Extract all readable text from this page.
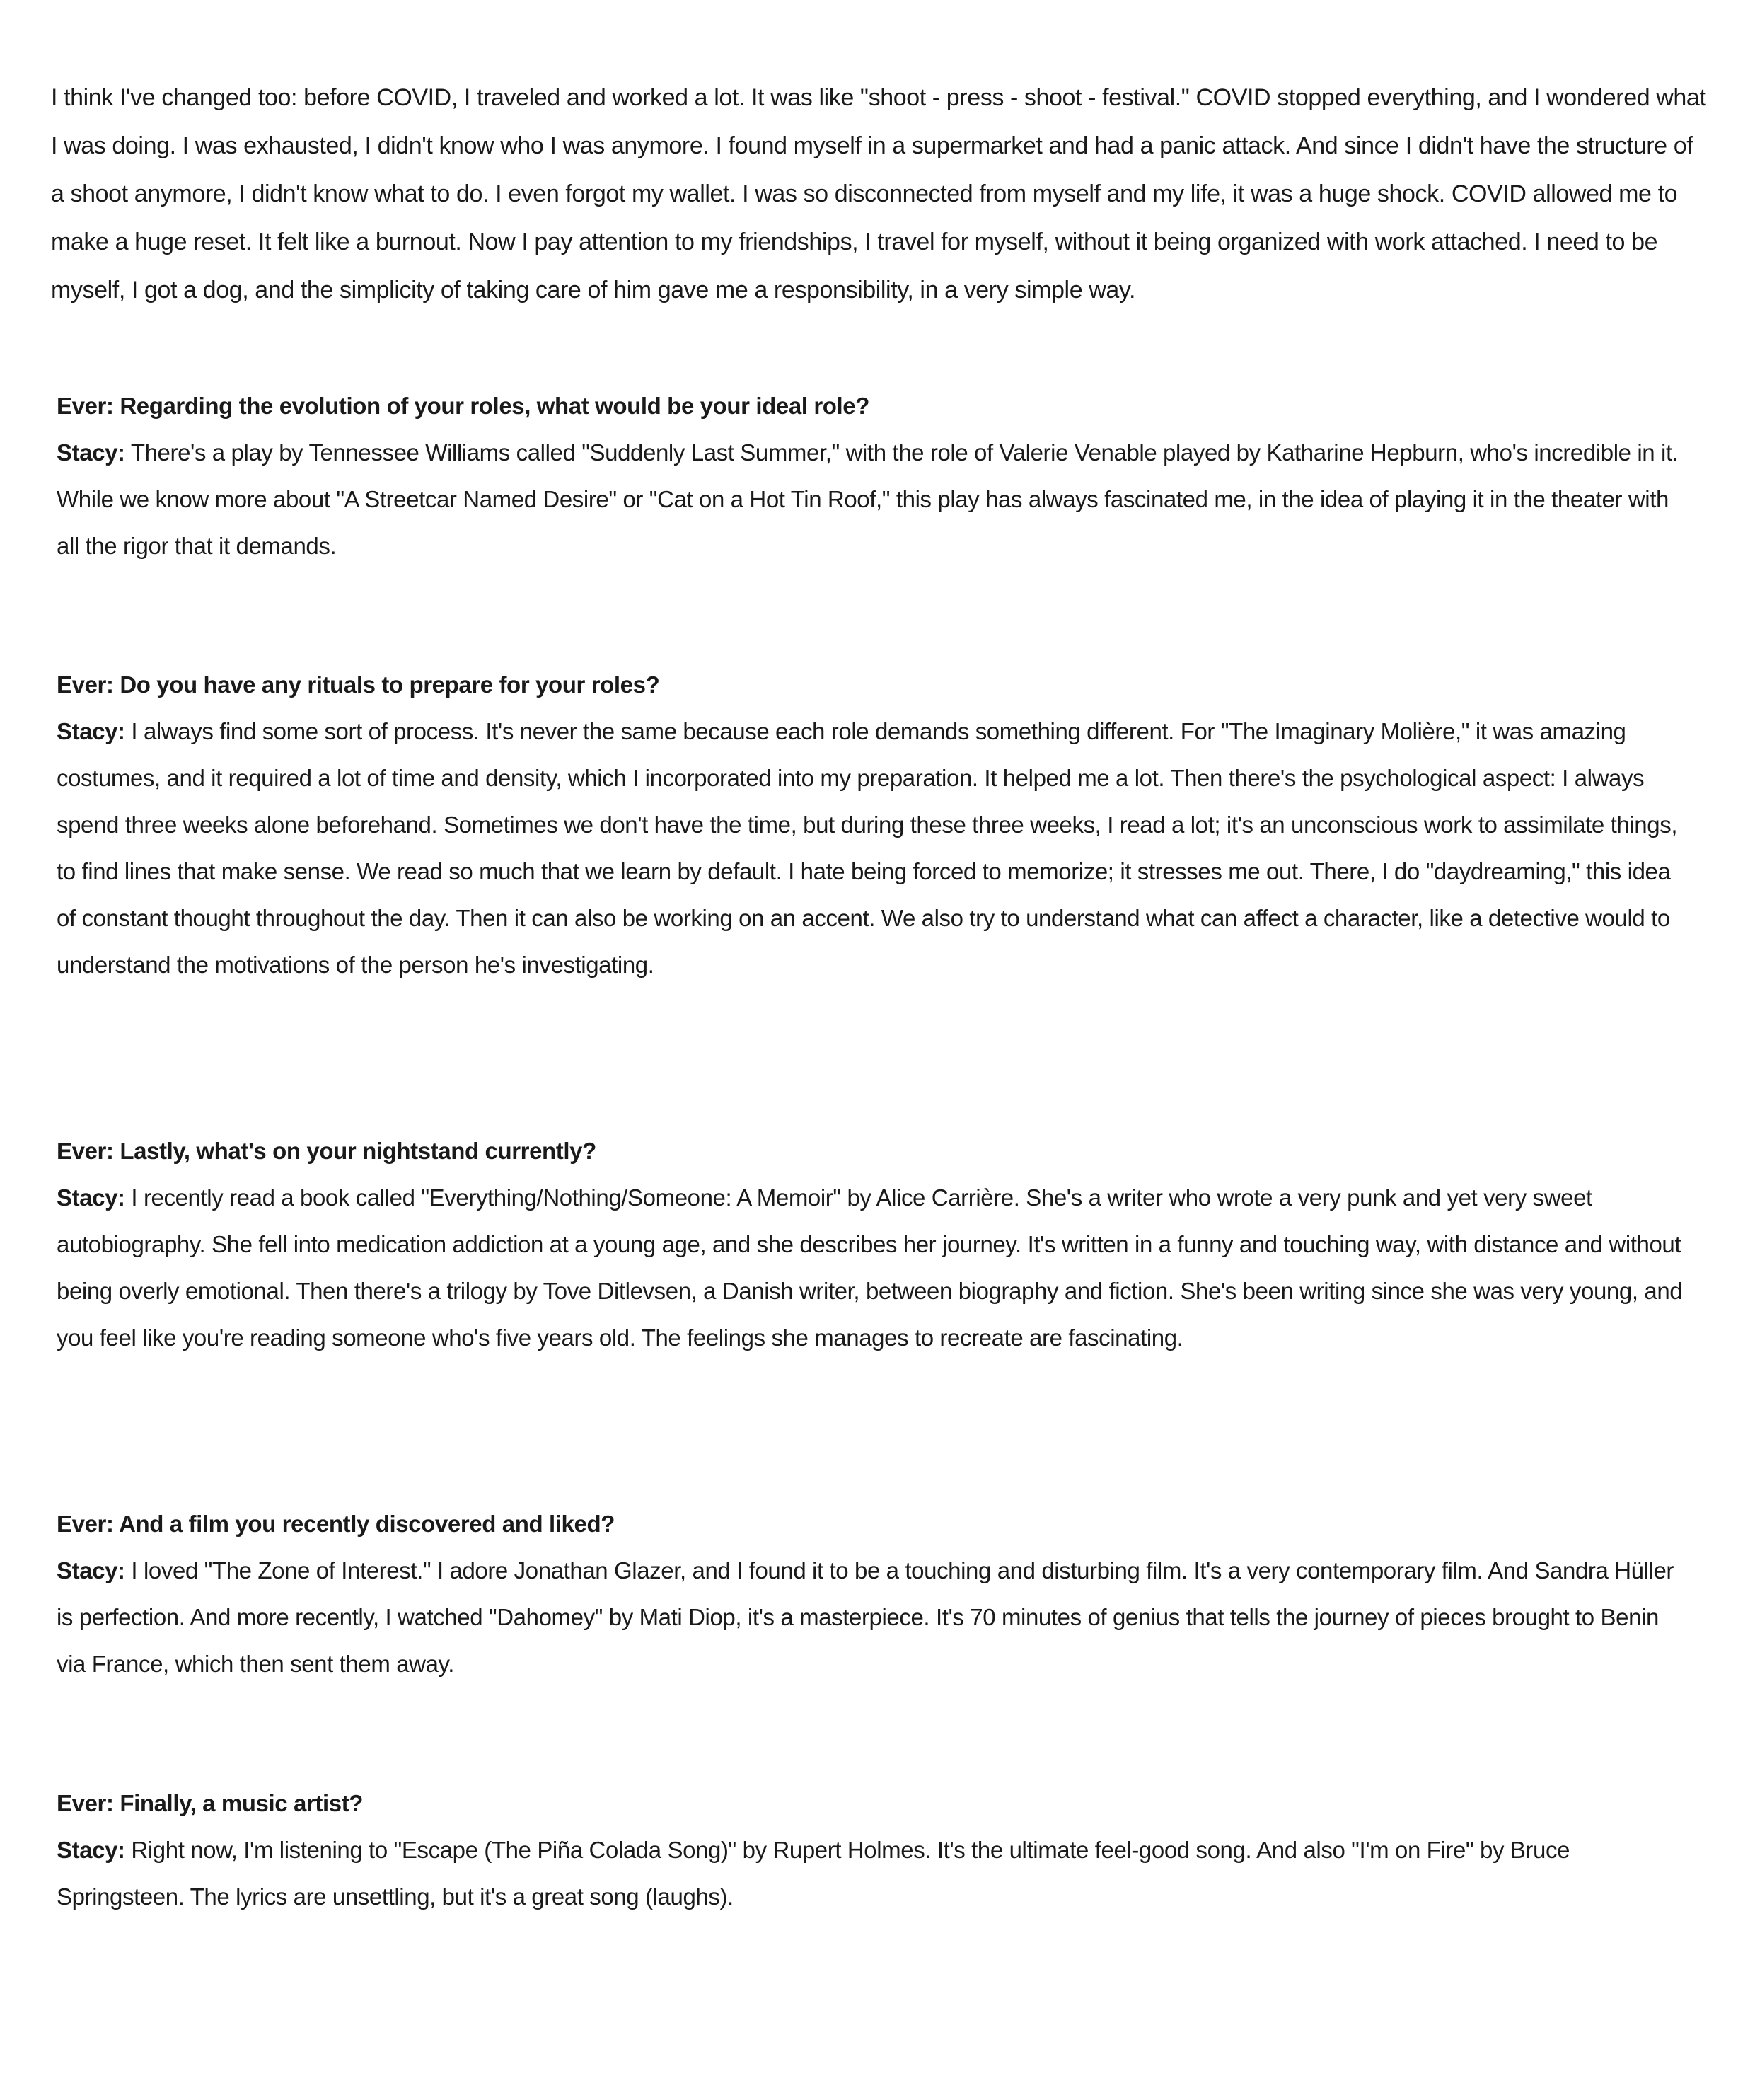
I think I've changed too: before COVID, I traveled and worked a lot. It was like "shoot - press - shoot - festival." COVID stopped everything, and I wondered what I was doing. I was exhausted, I didn't know who I was anymore. I found myself in a supermarket and had a panic attack. And since I didn't have the structure of a shoot anymore, I didn't know what to do. I even forgot my wallet. I was so disconnected from myself and my life, it was a huge shock. COVID allowed me to make a huge reset. It felt like a burnout. Now I pay attention to my friendships, I travel for myself, without it being organized with work attached. I need to be myself, I got a dog, and the simplicity of taking care of him gave me a responsibility, in a very simple way.

Ever: Regarding the evolution of your roles, what would be your ideal role?

Stacy: There's a play by Tennessee Williams called "Suddenly Last Summer," with the role of Valerie Venable played by Katharine Hepburn, who's incredible in it. While we know more about "A Streetcar Named Desire" or "Cat on a Hot Tin Roof," this play has always fascinated me, in the idea of playing it in the theater with all the rigor that it demands.

Ever: Do you have any rituals to prepare for your roles?

Stacy: I always find some sort of process. It's never the same because each role demands something different. For "The Imaginary Molière," it was amazing costumes, and it required a lot of time and density, which I incorporated into my preparation. It helped me a lot. Then there's the psychological aspect: I always spend three weeks alone beforehand. Sometimes we don't have the time, but during these three weeks, I read a lot; it's an unconscious work to assimilate things, to find lines that make sense. We read so much that we learn by default. I hate being forced to memorize; it stresses me out. There, I do "daydreaming," this idea of constant thought throughout the day. Then it can also be working on an accent. We also try to understand what can affect a character, like a detective would to understand the motivations of the person he's investigating.

Ever: Lastly, what's on your nightstand currently?

Stacy: I recently read a book called "Everything/Nothing/Someone: A Memoir" by Alice Carrière. She's a writer who wrote a very punk and yet very sweet autobiography. She fell into medication addiction at a young age, and she describes her journey. It's written in a funny and touching way, with distance and without being overly emotional. Then there's a trilogy by Tove Ditlevsen, a Danish writer, between biography and fiction. She's been writing since she was very young, and you feel like you're reading someone who's five years old. The feelings she manages to recreate are fascinating.

Ever: And a film you recently discovered and liked?

Stacy: I loved "The Zone of Interest." I adore Jonathan Glazer, and I found it to be a touching and disturbing film. It's a very contemporary film. And Sandra Hüller is perfection. And more recently, I watched "Dahomey" by Mati Diop, it's a masterpiece. It's 70 minutes of genius that tells the journey of pieces brought to Benin via France, which then sent them away.

Ever: Finally, a music artist?

Stacy: Right now, I'm listening to "Escape (The Piña Colada Song)" by Rupert Holmes. It's the ultimate feel-good song. And also "I'm on Fire" by Bruce Springsteen. The lyrics are unsettling, but it's a great song (laughs).
